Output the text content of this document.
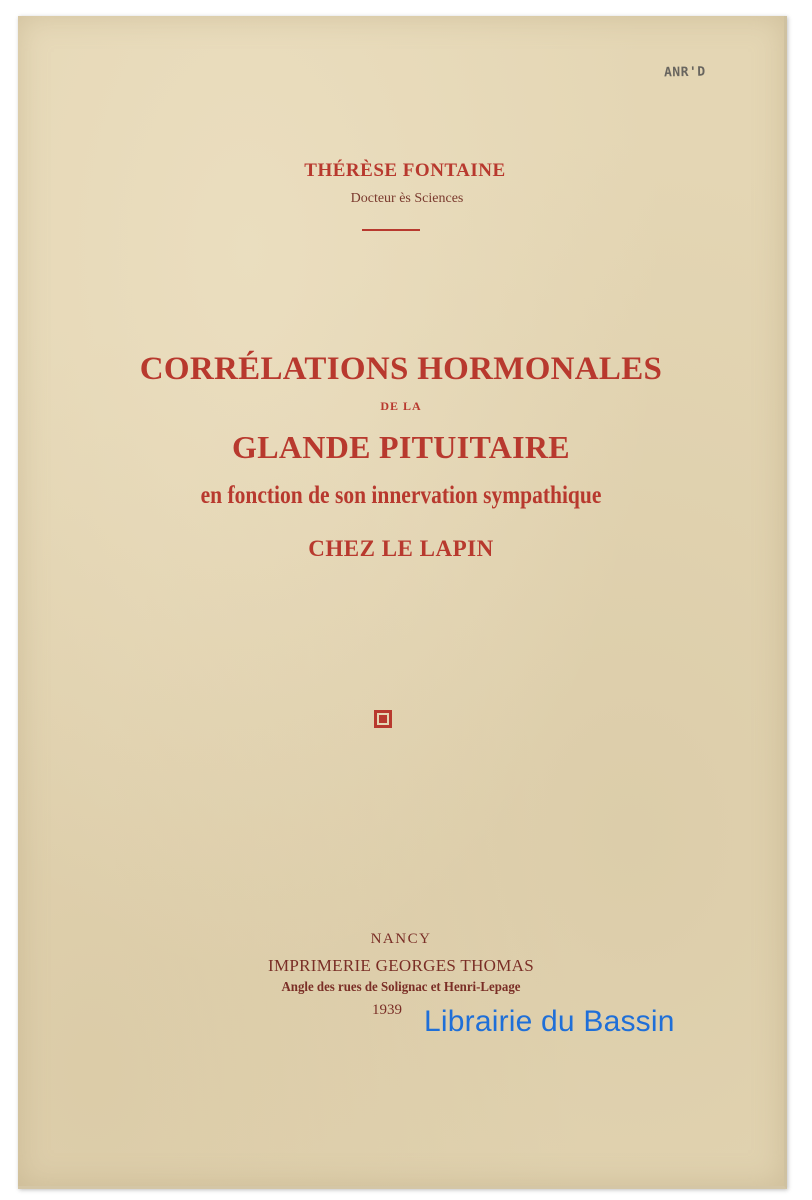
ANR'D
THÉRÈSE FONTAINE
Docteur ès Sciences
CORRÉLATIONS HORMONALES
DE LA
GLANDE PITUITAIRE
en fonction de son innervation sympathique
CHEZ LE LAPIN
NANCY
IMPRIMERIE GEORGES THOMAS
Angle des rues de Solignac et Henri-Lepage
1939 Librairie du Bassin
